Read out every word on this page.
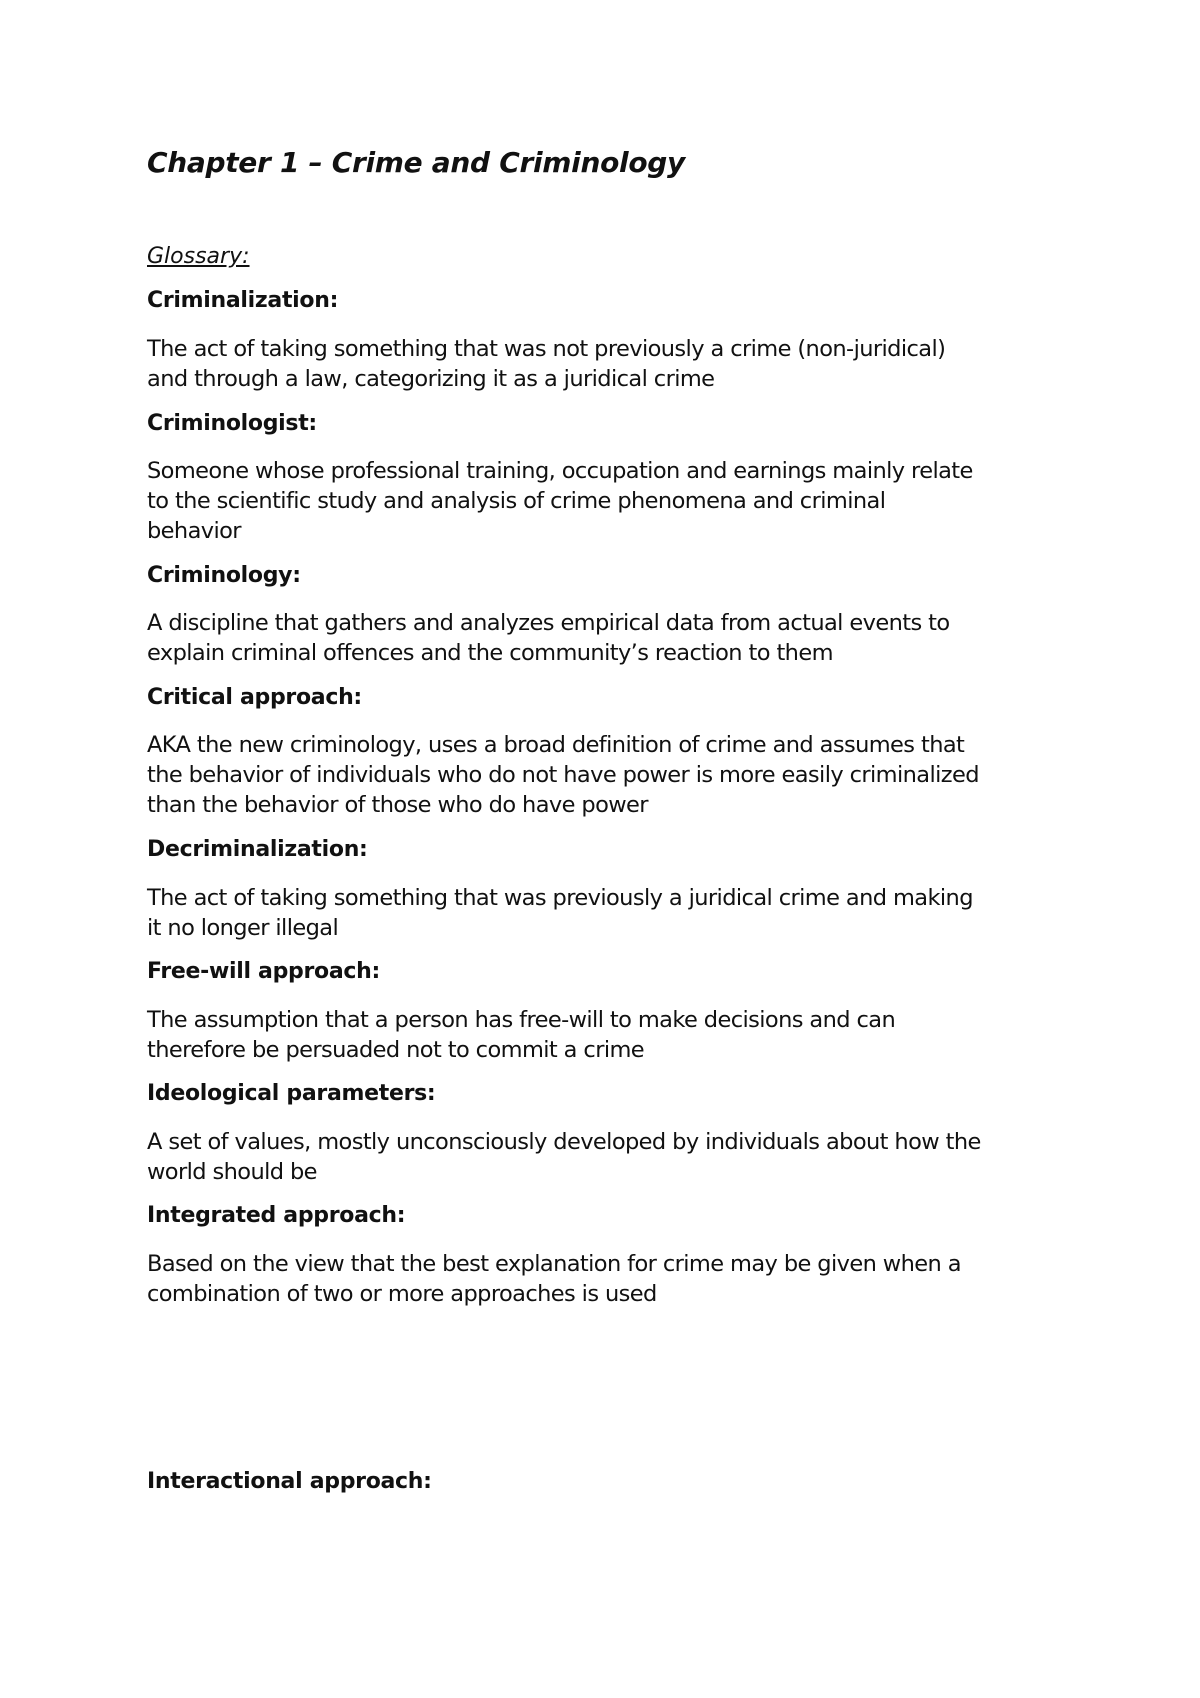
Chapter 1 – Crime and Criminology

Glossary:

Criminalization:

The act of taking something that was not previously a crime (non-juridical)
and through a law, categorizing it as a juridical crime

Criminologist:

Someone whose professional training, occupation and earnings mainly relate
to the scientific study and analysis of crime phenomena and criminal
behavior

Criminology:

A discipline that gathers and analyzes empirical data from actual events to
explain criminal offences and the community’s reaction to them

Critical approach:

AKA the new criminology, uses a broad definition of crime and assumes that
the behavior of individuals who do not have power is more easily criminalized
than the behavior of those who do have power

Decriminalization:

The act of taking something that was previously a juridical crime and making
it no longer illegal

Free-will approach:

The assumption that a person has free-will to make decisions and can
therefore be persuaded not to commit a crime

Ideological parameters:

A set of values, mostly unconsciously developed by individuals about how the
world should be

Integrated approach:

Based on the view that the best explanation for crime may be given when a
combination of two or more approaches is used

Interactional approach:
